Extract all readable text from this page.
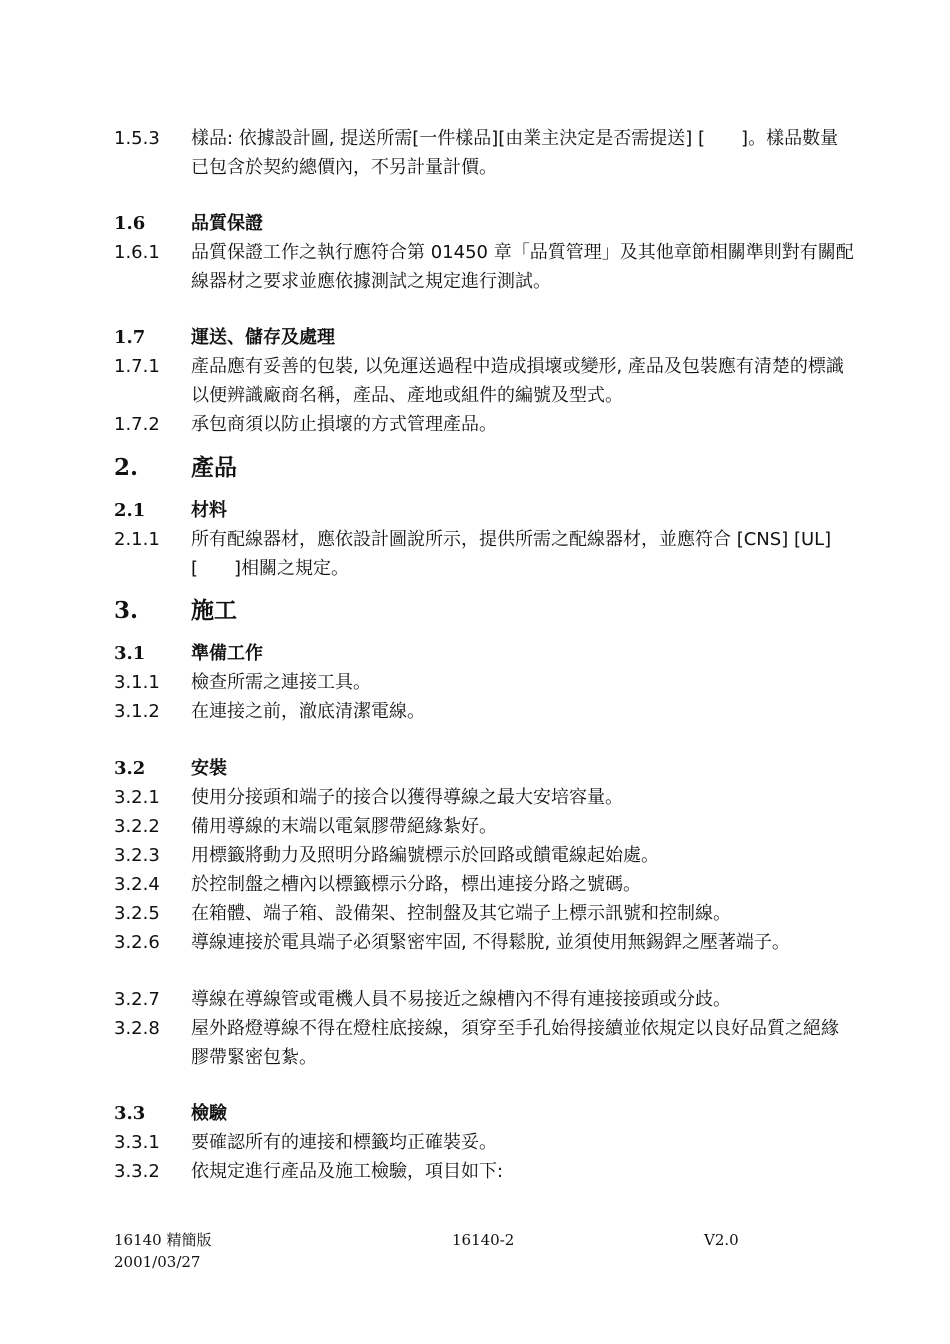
1.5.3	樣品: 依據設計圖, 提送所需[一件樣品][由業主決定是否需提送] [　　]。樣品數量已包含於契約總價內，不另計量計價。
1.6	品質保證
1.6.1	品質保證工作之執行應符合第 01450 章「品質管理」及其他章節相關準則對有關配線器材之要求並應依據測試之規定進行測試。
1.7	運送、儲存及處理
1.7.1	產品應有妥善的包裝, 以免運送過程中造成損壞或變形, 產品及包裝應有清楚的標識以便辨識廠商名稱，產品、產地或組件的編號及型式。
1.7.2	承包商須以防止損壞的方式管理產品。
2.	產品
2.1	材料
2.1.1	所有配線器材，應依設計圖說所示，提供所需之配線器材，並應符合 [CNS] [UL][　　]相關之規定。
3.	施工
3.1	準備工作
3.1.1	檢查所需之連接工具。
3.1.2	在連接之前，澈底清潔電線。
3.2	安裝
3.2.1	使用分接頭和端子的接合以獲得導線之最大安培容量。
3.2.2	備用導線的末端以電氣膠帶絕緣紮好。
3.2.3	用標籤將動力及照明分路編號標示於回路或饋電線起始處。
3.2.4	於控制盤之槽內以標籤標示分路，標出連接分路之號碼。
3.2.5	在箱體、端子箱、設備架、控制盤及其它端子上標示訊號和控制線。
3.2.6	導線連接於電具端子必須緊密牢固, 不得鬆脫, 並須使用無錫銲之壓著端子。
3.2.7	導線在導線管或電機人員不易接近之線槽內不得有連接接頭或分歧。
3.2.8	屋外路燈導線不得在燈柱底接線，須穿至手孔始得接續並依規定以良好品質之絕緣膠帶緊密包紮。
3.3	檢驗
3.3.1	要確認所有的連接和標籤均正確裝妥。
3.3.2	依規定進行產品及施工檢驗，項目如下:
16140 精簡版
2001/03/27
16140-2	V2.0
